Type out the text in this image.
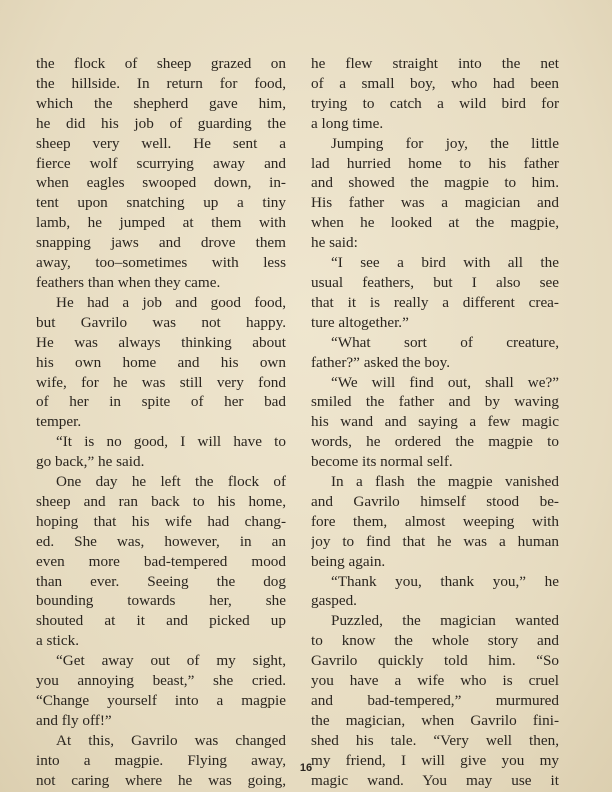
the flock of sheep grazed on
the hillside. In return for food,
which the shepherd gave him,
he did his job of guarding the
sheep very well. He sent a
fierce wolf scurrying away and
when eagles swooped down, in-
tent upon snatching up a tiny
lamb, he jumped at them with
snapping jaws and drove them
away, too–sometimes with less
feathers than when they came.
He had a job and good food,
but Gavrilo was not happy.
He was always thinking about
his own home and his own
wife, for he was still very fond
of her in spite of her bad
temper.
“It is no good, I will have to
go back,” he said.
One day he left the flock of
sheep and ran back to his home,
hoping that his wife had chang-
ed. She was, however, in an
even more bad-tempered mood
than ever. Seeing the dog
bounding towards her, she
shouted at it and picked up
a stick.
“Get away out of my sight,
you annoying beast,” she cried.
“Change yourself into a magpie
and fly off!”
At this, Gavrilo was changed
into a magpie. Flying away,
not caring where he was going,
he flew straight into the net
of a small boy, who had been
trying to catch a wild bird for
a long time.
Jumping for joy, the little
lad hurried home to his father
and showed the magpie to him.
His father was a magician and
when he looked at the magpie,
he said:
“I see a bird with all the
usual feathers, but I also see
that it is really a different crea-
ture altogether.”
“What sort of creature,
father?” asked the boy.
“We will find out, shall we?”
smiled the father and by waving
his wand and saying a few magic
words, he ordered the magpie to
become its normal self.
In a flash the magpie vanished
and Gavrilo himself stood be-
fore them, almost weeping with
joy to find that he was a human
being again.
“Thank you, thank you,” he
gasped.
Puzzled, the magician wanted
to know the whole story and
Gavrilo quickly told him. “So
you have a wife who is cruel
and bad-tempered,” murmured
the magician, when Gavrilo fini-
shed his tale. “Very well then,
my friend, I will give you my
magic wand. You may use it
16
